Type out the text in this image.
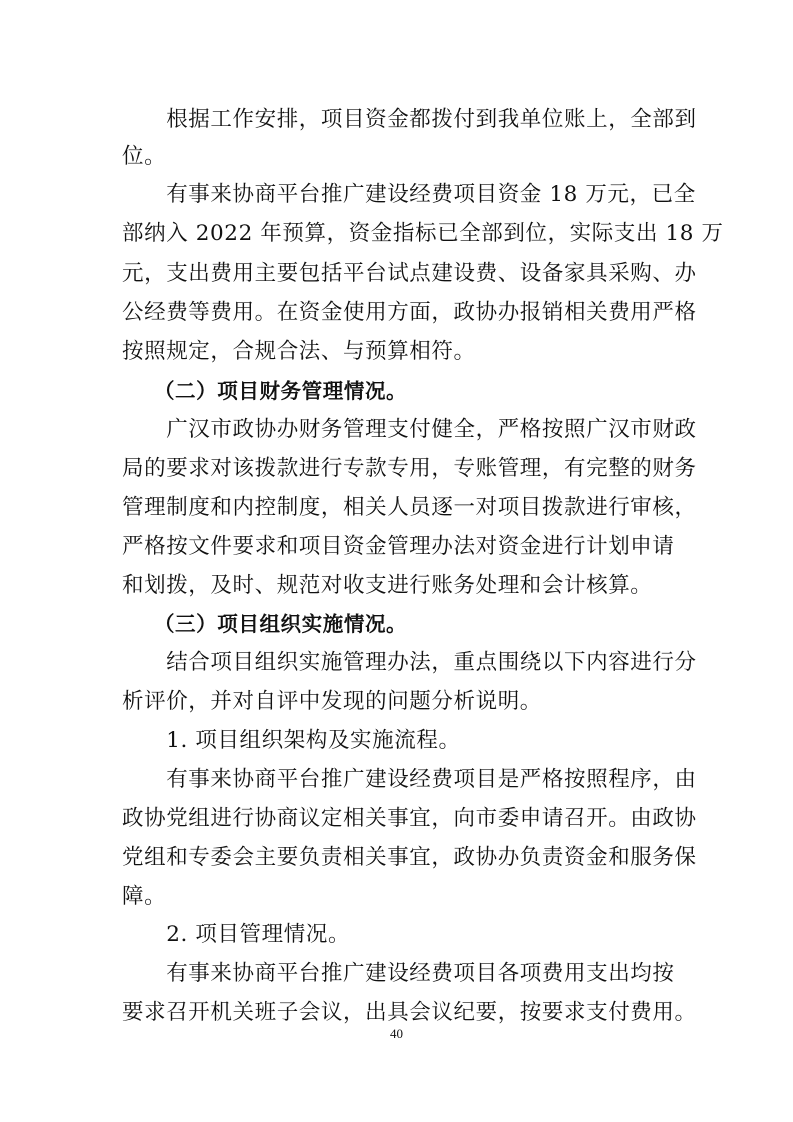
　　根据工作安排，项目资金都拨付到我单位账上，全部到
位。
　　有事来协商平台推广建设经费项目资金 18 万元，已全
部纳入 2022 年预算，资金指标已全部到位，实际支出 18 万
元，支出费用主要包括平台试点建设费、设备家具采购、办
公经费等费用。在资金使用方面，政协办报销相关费用严格
按照规定，合规合法、与预算相符。
　　（二）项目财务管理情况。
　　广汉市政协办财务管理支付健全，严格按照广汉市财政
局的要求对该拨款进行专款专用，专账管理，有完整的财务
管理制度和内控制度，相关人员逐一对项目拨款进行审核，
严格按文件要求和项目资金管理办法对资金进行计划申请
和划拨，及时、规范对收支进行账务处理和会计核算。
　　（三）项目组织实施情况。
　　结合项目组织实施管理办法，重点围绕以下内容进行分
析评价，并对自评中发现的问题分析说明。
　　1. 项目组织架构及实施流程。
　　有事来协商平台推广建设经费项目是严格按照程序，由
政协党组进行协商议定相关事宜，向市委申请召开。由政协
党组和专委会主要负责相关事宜，政协办负责资金和服务保
障。
　　2. 项目管理情况。
　　有事来协商平台推广建设经费项目各项费用支出均按
要求召开机关班子会议，出具会议纪要，按要求支付费用。
40
